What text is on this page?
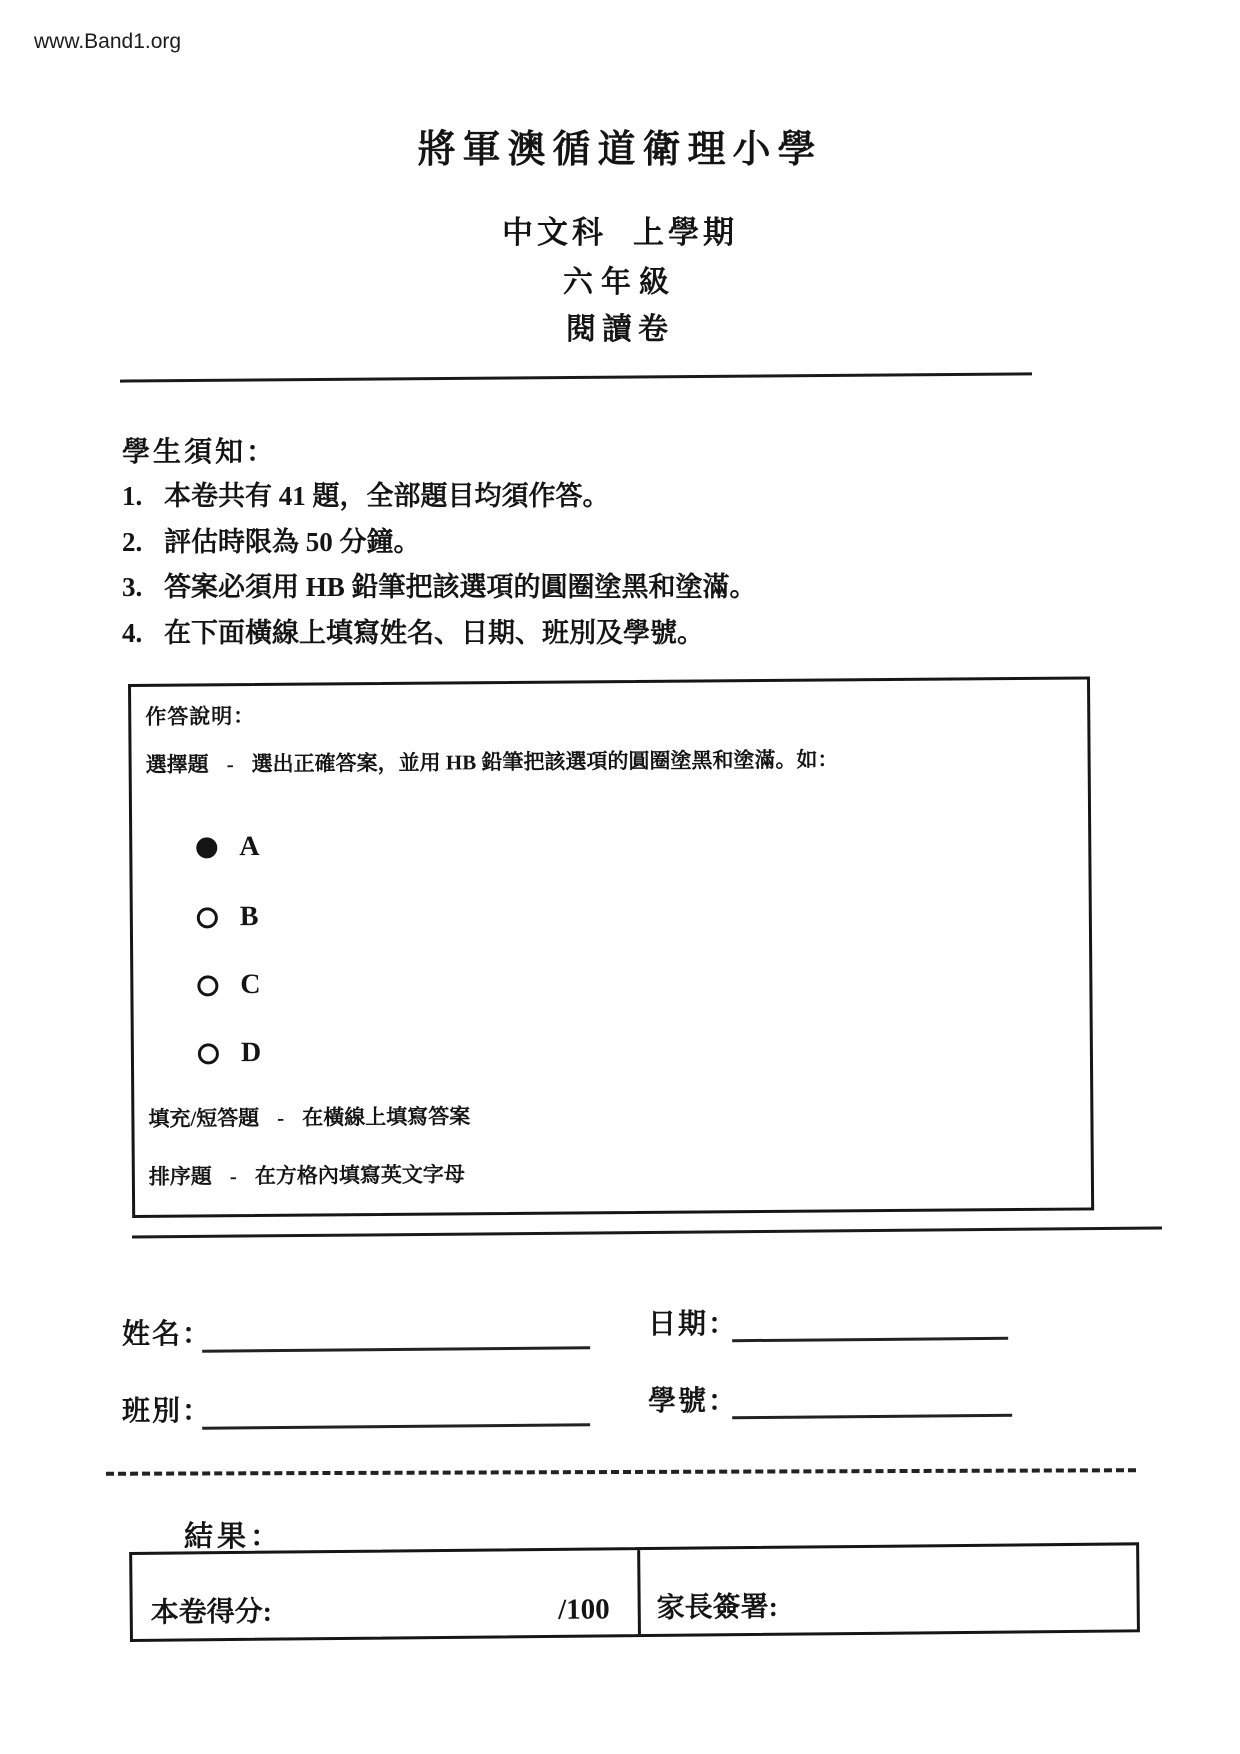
www.Band1.org
將軍澳循道衛理小學
中文科 上學期
六年級
閱讀卷
學生須知：
1. 本卷共有 41 題，全部題目均須作答。
2. 評估時限為 50 分鐘。
3. 答案必須用 HB 鉛筆把該選項的圓圈塗黑和塗滿。
4. 在下面橫線上填寫姓名、日期、班別及學號。
作答說明：
選擇題 - 選出正確答案，並用 HB 鉛筆把該選項的圓圈塗黑和塗滿。如：
A
B
C
D
填充/短答題 - 在橫線上填寫答案
排序題 - 在方格內填寫英文字母
姓名：	日期：
班別：	學號：
結果：
本卷得分:	/100 家長簽署:
